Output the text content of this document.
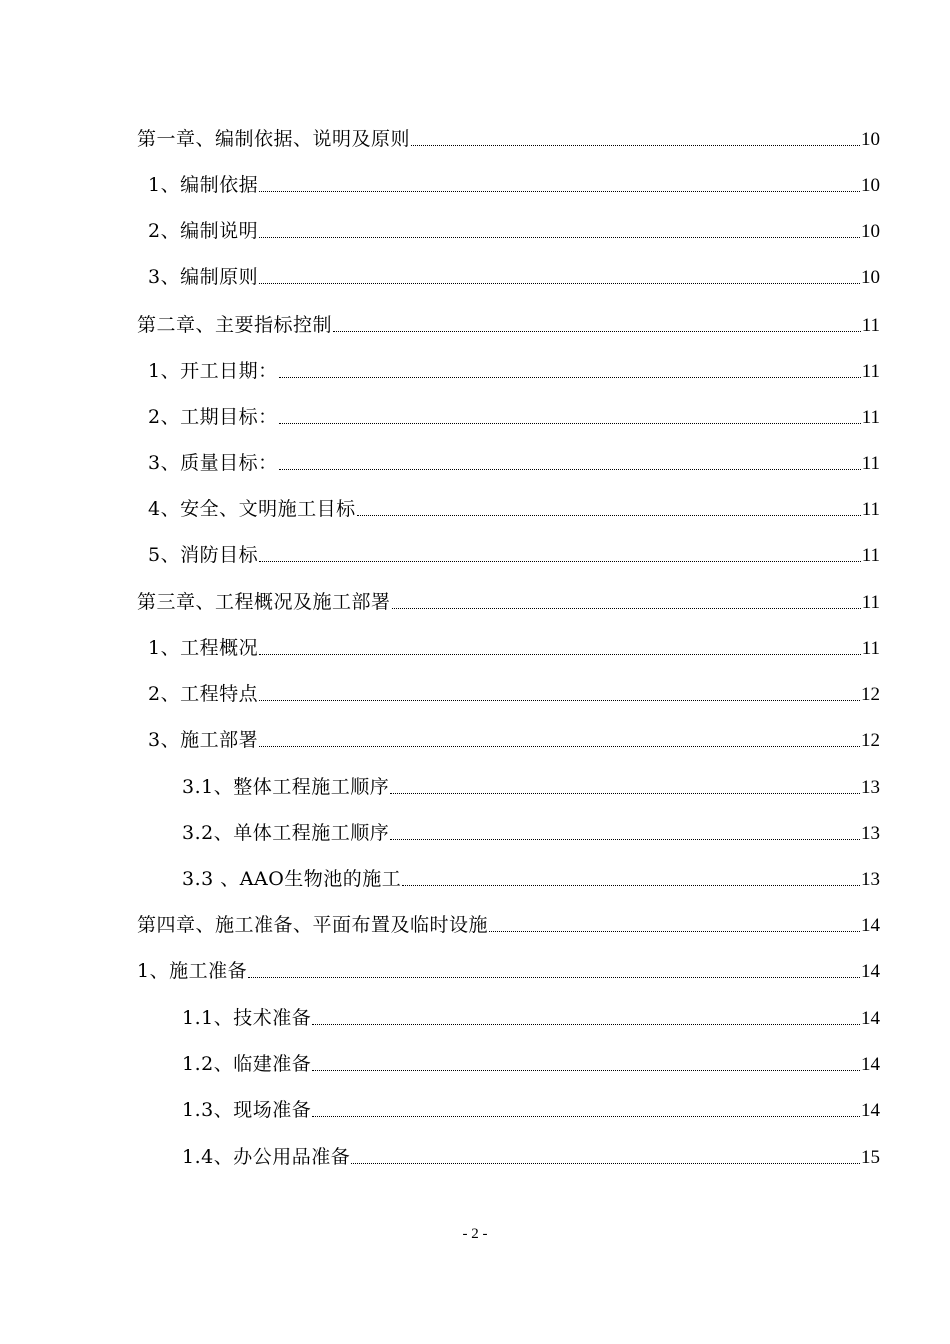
第一章、编制依据、说明及原则	10
1、编制依据	10
2、编制说明	10
3、编制原则	10
第二章、主要指标控制	11
1、开工日期：	11
2、工期目标：	11
3、质量目标：	11
4、安全、文明施工目标	11
5、消防目标	11
第三章、工程概况及施工部署	11
1、工程概况	11
2、工程特点	12
3、施工部署	12
3.1、整体工程施工顺序	13
3.2、单体工程施工顺序	13
3.3 、AAO生物池的施工	13
第四章、施工准备、平面布置及临时设施	14
1、施工准备	14
1.1、技术准备	14
1.2、临建准备	14
1.3、现场准备	14
1.4、办公用品准备	15
- 2 -
